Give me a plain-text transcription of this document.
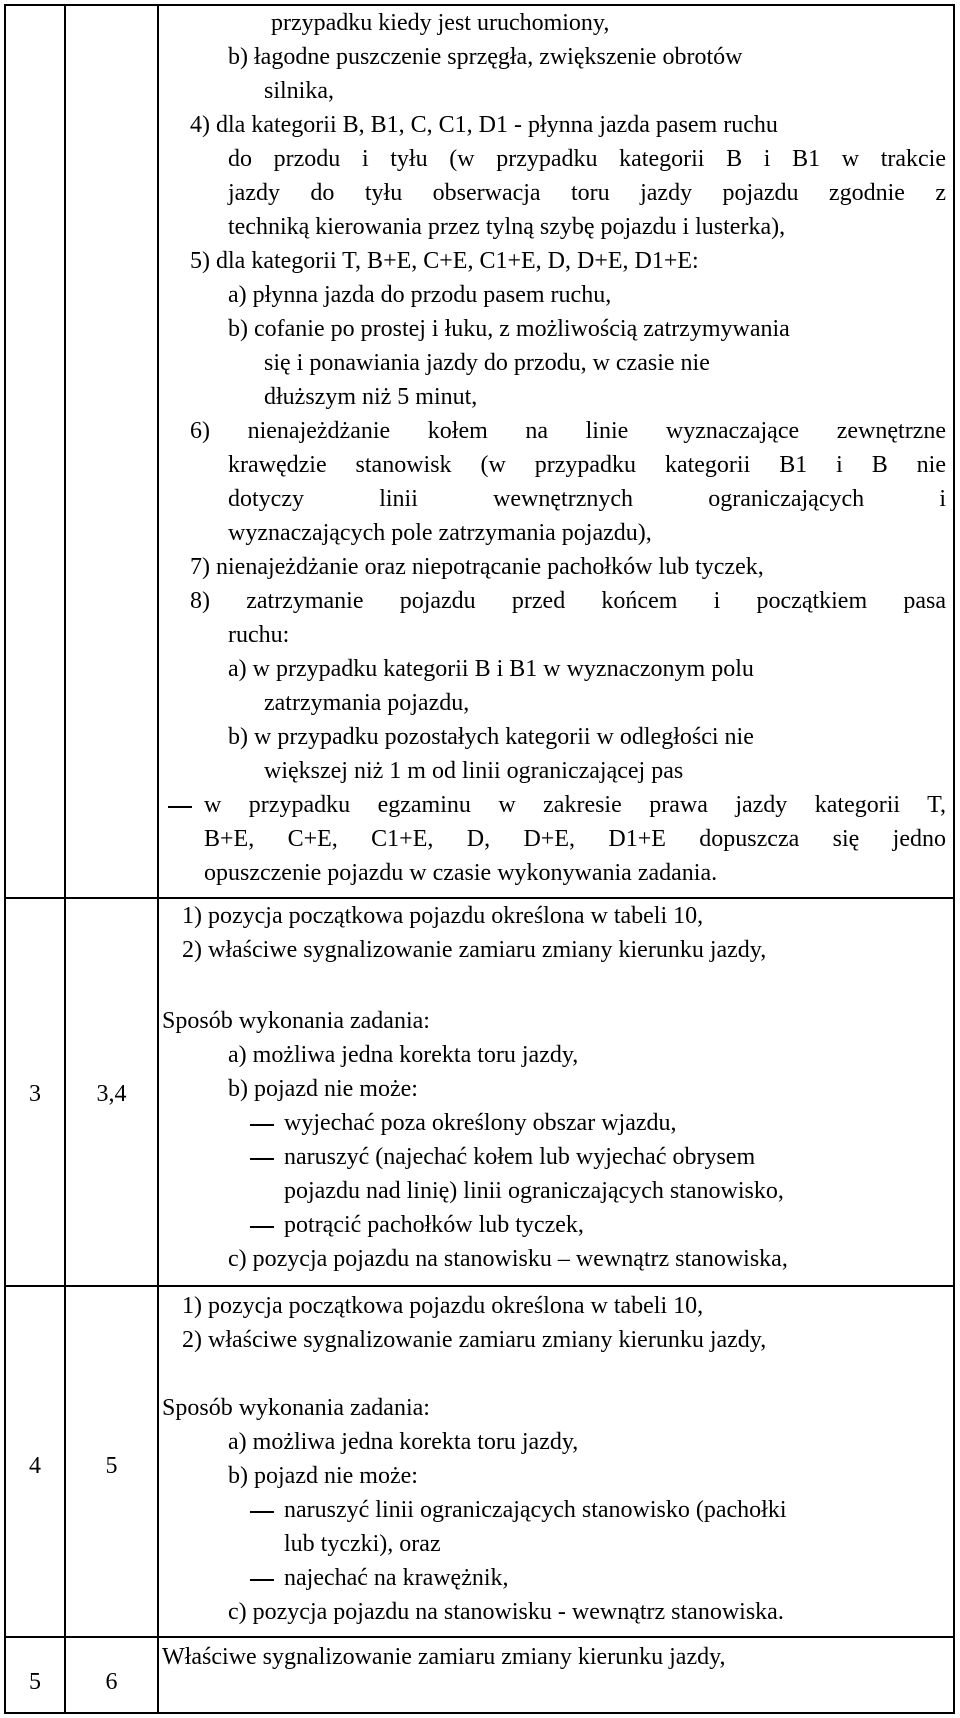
przypadku kiedy jest uruchomiony,
b) łagodne puszczenie sprzęgła, zwiększenie obrotów
silnika,
4) dla kategorii B, B1, C, C1, D1 - płynna jazda pasem ruchu
do przodu i tyłu (w przypadku kategorii B i B1 w trakcie
jazdy do tyłu obserwacja toru jazdy pojazdu zgodnie z
techniką kierowania przez tylną szybę pojazdu i lusterka),
5) dla kategorii T, B+E, C+E, C1+E, D, D+E, D1+E:
a) płynna jazda do przodu pasem ruchu,
b) cofanie po prostej i łuku, z możliwością zatrzymywania
się i ponawiania jazdy do przodu, w czasie nie
dłuższym niż 5 minut,
6) nienajeżdżanie kołem na linie wyznaczające zewnętrzne
krawędzie stanowisk (w przypadku kategorii B1 i B nie
dotyczy linii wewnętrznych ograniczających i
wyznaczających pole zatrzymania pojazdu),
7) nienajeżdżanie oraz niepotrącanie pachołków lub tyczek,
8) zatrzymanie pojazdu przed końcem i początkiem pasa
ruchu:
a) w przypadku kategorii B i B1 w wyznaczonym polu
zatrzymania pojazdu,
b) w przypadku pozostałych kategorii w odległości nie
większej niż 1 m od linii ograniczającej pas
w przypadku egzaminu w zakresie prawa jazdy kategorii T,
B+E, C+E, C1+E, D, D+E, D1+E dopuszcza się jedno
opuszczenie pojazdu w czasie wykonywania zadania.
3	3,4
1) pozycja początkowa pojazdu określona w tabeli 10,
2) właściwe sygnalizowanie zamiaru zmiany kierunku jazdy,
Sposób wykonania zadania:
a) możliwa jedna korekta toru jazdy,
b) pojazd nie może:
wyjechać poza określony obszar wjazdu,
naruszyć (najechać kołem lub wyjechać obrysem
pojazdu nad linię) linii ograniczających stanowisko,
potrącić pachołków lub tyczek,
c) pozycja pojazdu na stanowisku – wewnątrz stanowiska,
4	5
1) pozycja początkowa pojazdu określona w tabeli 10,
2) właściwe sygnalizowanie zamiaru zmiany kierunku jazdy,
Sposób wykonania zadania:
a) możliwa jedna korekta toru jazdy,
b) pojazd nie może:
naruszyć linii ograniczających stanowisko (pachołki
lub tyczki), oraz
najechać na krawężnik,
c) pozycja pojazdu na stanowisku - wewnątrz stanowiska.
5	6
Właściwe sygnalizowanie zamiaru zmiany kierunku jazdy,
